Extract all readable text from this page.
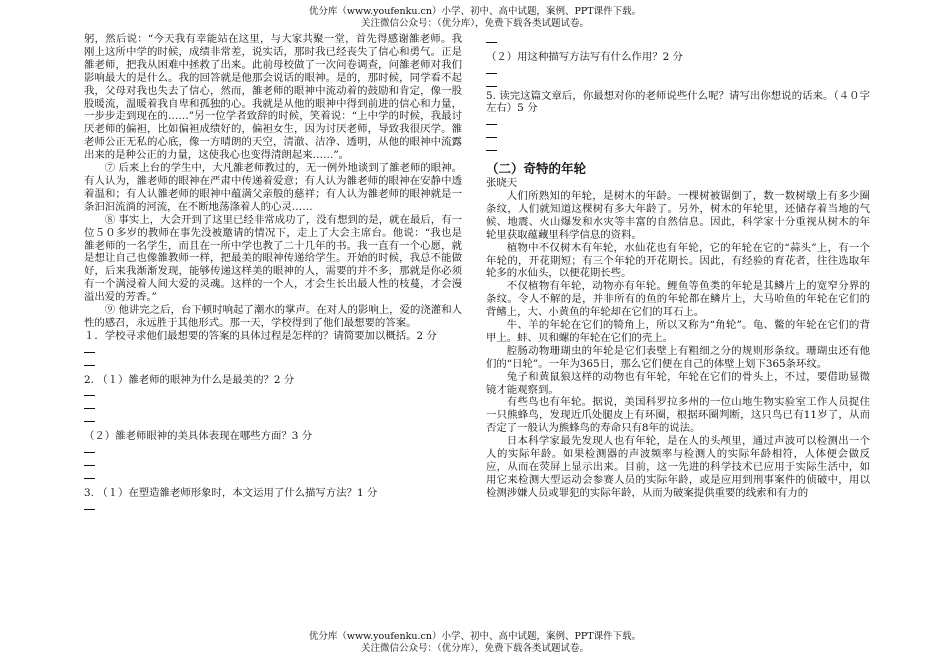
优分库（www.youfenku.cn）小学、初中、高中试题，案例、PPT课件下载。
关注微信公众号：（优分库），免费下载各类试题试卷。

躬，然后说：“今天我有幸能站在这里，与大家共聚一堂，首先得感谢雒老师。我刚上这所中学的时候，成绩非常差，说实话，那时我已经丧失了信心和勇气。正是雒老师，把我从困难中拯救了出来。此前母校做了一次问卷调查，问雒老师对我们影响最大的是什么。我的回答就是他那会说话的眼神。是的，那时候，同学看不起我，父母对我也失去了信心，然而，雒老师的眼神中流动着的鼓励和肯定，像一股股暖流，温暖着我自卑和孤独的心。我就是从他的眼神中得到前进的信心和力量，一步步走到现在的……”另一位学者致辞的时候，笑着说：“上中学的时候，我最讨厌老师的偏袒，比如偏袒成绩好的，偏袒女生，因为讨厌老师，导致我很厌学。雒老师公正无私的心底，像一方晴朗的天空，清澈、洁净、透明，从他的眼神中流露出来的是种公正的力量，这使我心也变得清朗起来……”。

⑦ 后来上台的学生中，大凡雒老师教过的，无一例外地谈到了雒老师的眼神。有人认为，雒老师的眼神在严肃中传递着爱意；有人认为雒老师的眼神在安静中透着温和；有人认雒老师的眼神中蕴满父亲般的慈祥；有人认为雒老师的眼神就是一条汩汩流淌的河流，在不断地荡涤着人的心灵……

⑧ 事实上，大会开到了这里已经非常成功了，没有想到的是，就在最后，有一位５０多岁的教师在事先没被邀请的情况下，走上了大会主席台。他说：“我也是雒老师的一名学生，而且在一所中学也教了二十几年的书。我一直有一个心愿，就是想让自己也像雒教师一样，把最美的眼神传递给学生。开始的时候，我总不能做好，后来我渐渐发现，能够传递这样美的眼神的人，需要的并不多，那就是你必须有一个满浸着人间大爱的灵魂。这样的一个人，才会生长出最人性的枝蔓，才会漫溢出爱的芳香。”

⑨ 他讲完之后，台下顿时响起了潮水的掌声。在对人的影响上，爱的浇灌和人性的感召，永远胜于其他形式。那一天，学校得到了他们最想要的答案。

１．学校寻求他们最想要的答案的具体过程是怎样的？请简要加以概括。2 分

2. （１）雒老师的眼神为什么是最美的？2 分

（２）雒老师眼神的美具体表现在哪些方面？3 分

3. （１）在塑造雒老师形象时，本文运用了什么描写方法？1 分

（２）用这种描写方法写有什么作用？2 分

5. 读完这篇文章后，你最想对你的老师说些什么呢？请写出你想说的话来。（４０字左右）5 分

（二）奇特的年轮

张晓天

人们所熟知的年轮，是树木的年龄。一棵树被锯倒了，数一数树墩上有多少圈条纹，人们就知道这棵树有多大年龄了。另外，树木的年轮里，还储存着当地的气候、地震、火山爆发和水灾等丰富的自然信息。因此，科学家十分重视从树木的年轮里获取蕴藏里科学信息的资料。

植物中不仅树木有年轮，水仙花也有年轮，它的年轮在它的“蒜头”上，有一个年轮的，开花期短；有三个年轮的开花期长。因此，有经验的育花者，往往选取年轮多的水仙头，以便花期长些。

不仅植物有年轮，动物亦有年轮。鲤鱼等鱼类的年轮是其鳞片上的宽窄分界的条纹。令人不解的是，并非所有的鱼的年轮都在鳞片上，大马哈鱼的年轮在它们的背鳍上，大、小黄鱼的年轮却在它们的耳石上。

牛、羊的年轮在它们的犄角上，所以又称为“角轮”。龟、鳖的年轮在它们的背甲上。蚌、贝和螺的年轮在它们的壳上。

腔肠动物珊瑚虫的年轮是它们表壁上有粗细之分的规则形条纹。珊瑚虫还有他们的“日轮”。一年为365日，那么它们便在自己的体壁上划下365条环纹。

兔子和黄鼠狼这样的动物也有年轮，年轮在它们的骨头上，不过，要借助显微镜才能观察到。

有些鸟也有年轮。据说，美国科罗拉多州的一位山地生物实验室工作人员捉住一只熊蜂鸟，发现近爪处腿皮上有环圈，根据环圈判断，这只鸟已有11岁了，从而否定了一般认为熊蜂鸟的寿命只有8年的说法。

日本科学家最先发现人也有年轮，是在人的头颅里，通过声波可以检测出一个人的实际年龄。如果检测器的声波频率与检测人的实际年龄相符，人体便会做反应，从而在荧屏上显示出来。目前，这一先进的科学技术已应用于实际生活中，如用它来检测大型运动会参赛人员的实际年龄，或是应用到刑事案件的侦破中，用以检测涉嫌人员或罪犯的实际年龄，从而为破案提供重要的线索和有力的

优分库（www.youfenku.cn）小学、初中、高中试题，案例、PPT课件下载。
关注微信公众号：（优分库），免费下载各类试题试卷。
